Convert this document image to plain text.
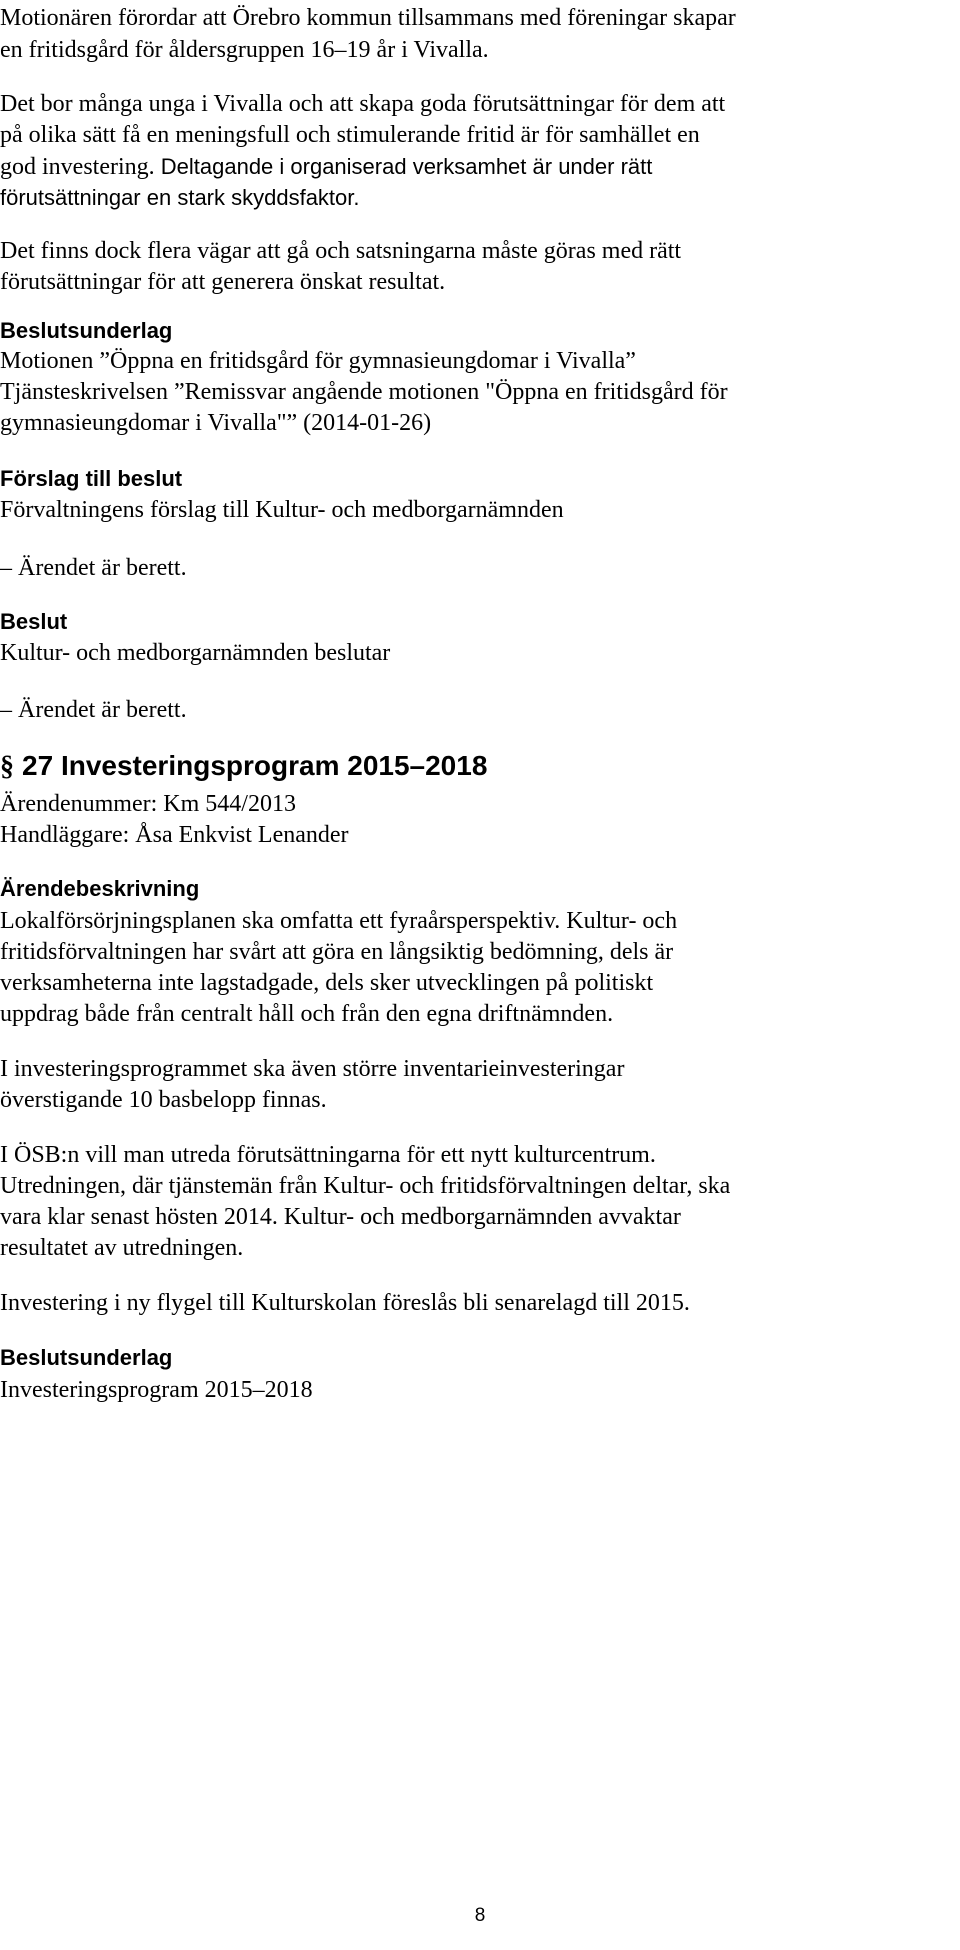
Motionären förordar att Örebro kommun tillsammans med föreningar skapar

en fritidsgård för åldersgruppen 16–19 år i Vivalla.

Det bor många unga i Vivalla och att skapa goda förutsättningar för dem att

på olika sätt få en meningsfull och stimulerande fritid är för samhället en

god investering. Deltagande i organiserad verksamhet är under rätt

förutsättningar en stark skyddsfaktor.

Det finns dock flera vägar att gå och satsningarna måste göras med rätt

förutsättningar för att generera önskat resultat.

Beslutsunderlag

Motionen ”Öppna en fritidsgård för gymnasieungdomar i Vivalla”

Tjänsteskrivelsen ”Remissvar angående motionen "Öppna en fritidsgård för

gymnasieungdomar i Vivalla"” (2014-01-26)

Förslag till beslut

Förvaltningens förslag till Kultur- och medborgarnämnden

– Ärendet är berett.

Beslut

Kultur- och medborgarnämnden beslutar

– Ärendet är berett.

§ 27 Investeringsprogram 2015–2018

Ärendenummer: Km 544/2013

Handläggare: Åsa Enkvist Lenander

Ärendebeskrivning

Lokalförsörjningsplanen ska omfatta ett fyraårsperspektiv. Kultur- och

fritidsförvaltningen har svårt att göra en långsiktig bedömning, dels är

verksamheterna inte lagstadgade, dels sker utvecklingen på politiskt

uppdrag både från centralt håll och från den egna driftnämnden.

I investeringsprogrammet ska även större inventarieinvesteringar

överstigande 10 basbelopp finnas.

I ÖSB:n vill man utreda förutsättningarna för ett nytt kulturcentrum.

Utredningen, där tjänstemän från Kultur- och fritidsförvaltningen deltar, ska

vara klar senast hösten 2014. Kultur- och medborgarnämnden avvaktar

resultatet av utredningen.

Investering i ny flygel till Kulturskolan föreslås bli senarelagd till 2015.

Beslutsunderlag

Investeringsprogram 2015–2018

8
